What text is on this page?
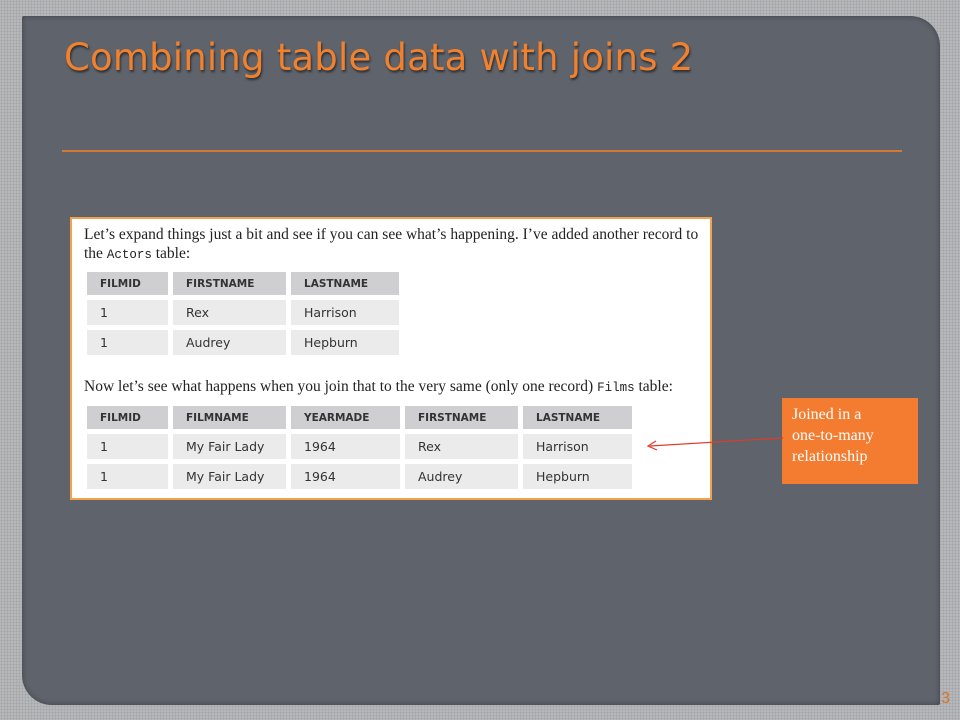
Combining table data with joins 2

Let’s expand things just a bit and see if you can see what’s happening. I’ve added another record to the Actors table:

FILMID	FIRSTNAME	LASTNAME
1	Rex	Harrison
1	Audrey	Hepburn

Now let’s see what happens when you join that to the very same (only one record) Films table:

FILMID	FILMNAME	YEARMADE	FIRSTNAME	LASTNAME
1	My Fair Lady	1964	Rex	Harrison
1	My Fair Lady	1964	Audrey	Hepburn
Joined in a
one-to-many
relationship
3
